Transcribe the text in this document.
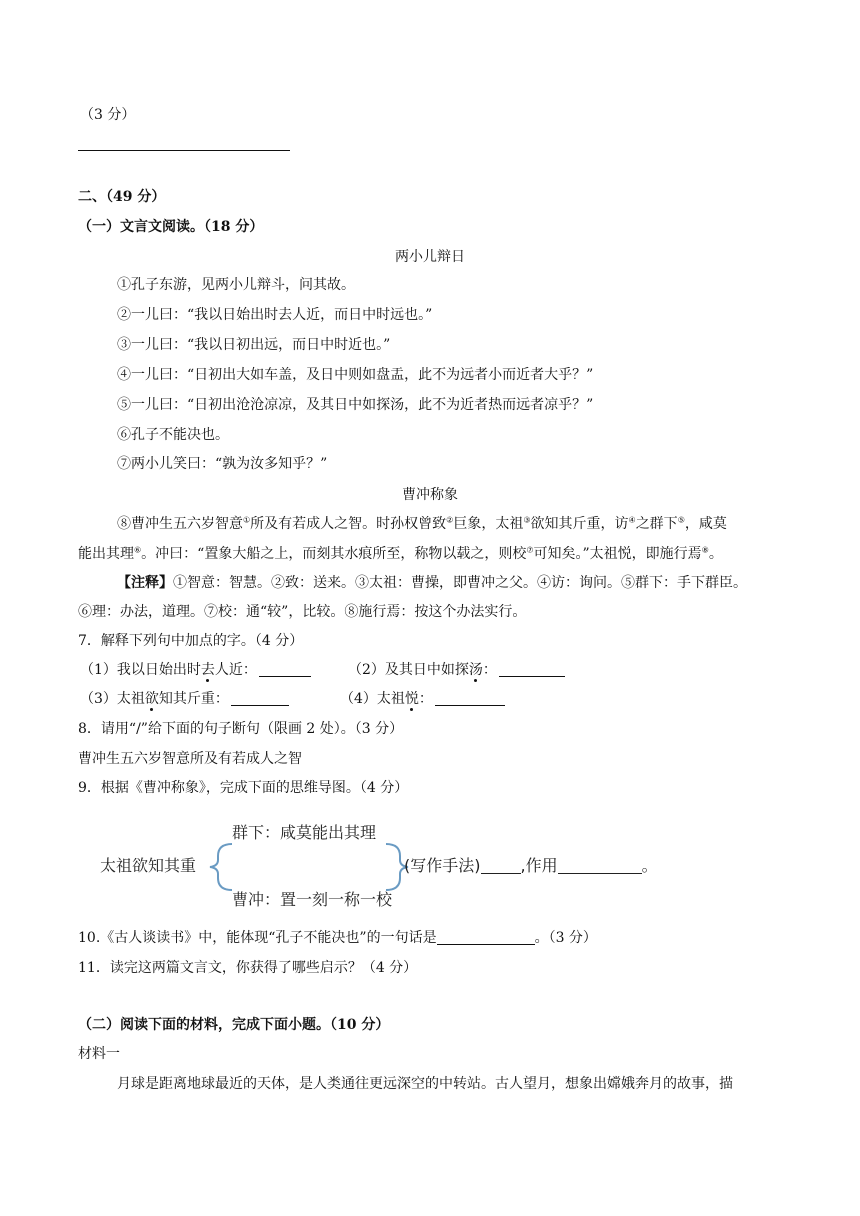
（3 分）
二、（49 分）
（一）文言文阅读。（18 分）
两小儿辩日
①孔子东游，见两小儿辩斗，问其故。
②一儿曰：“我以日始出时去人近，而日中时远也。”
③一儿曰：“我以日初出远，而日中时近也。”
④一儿曰：“日初出大如车盖，及日中则如盘盂，此不为远者小而近者大乎？”
⑤一儿曰：“日初出沧沧凉凉，及其日中如探汤，此不为近者热而远者凉乎？”
⑥孔子不能决也。
⑦两小儿笑曰：“孰为汝多知乎？”
曹冲称象
⑧曹冲生五六岁智意①所及有若成人之智。时孙权曾致②巨象，太祖③欲知其斤重，访④之群下⑤，咸莫
能出其理⑥。冲曰：“置象大船之上，而刻其水痕所至，称物以载之，则校⑦可知矣。”太祖悦，即施行焉⑧。
【注释】①智意：智慧。②致：送来。③太祖：曹操，即曹冲之父。④访：询问。⑤群下：手下群臣。
⑥理：办法，道理。⑦校：通“较”，比较。⑧施行焉：按这个办法实行。
7．解释下列句中加点的字。（4 分）
（1）我以日始出时去人近：	（2）及其日中如探汤：
（3）太祖欲知其斤重：	（4）太祖悦：
8．请用“/”给下面的句子断句（限画 2 处）。（3 分）
曹冲生五六岁智意所及有若成人之智
9．根据《曹冲称象》，完成下面的思维导图。（4 分）
太祖欲知其重
群下：咸莫能出其理
曹冲：置一刻一称一校
(写作手法)	,作用	。
10.《古人谈读书》中，能体现“孔子不能决也”的一句话是	。（3 分）
11．读完这两篇文言文，你获得了哪些启示？（4 分）
（二）阅读下面的材料，完成下面小题。（10 分）
材料一
月球是距离地球最近的天体，是人类通往更远深空的中转站。古人望月，想象出嫦娥奔月的故事，描
